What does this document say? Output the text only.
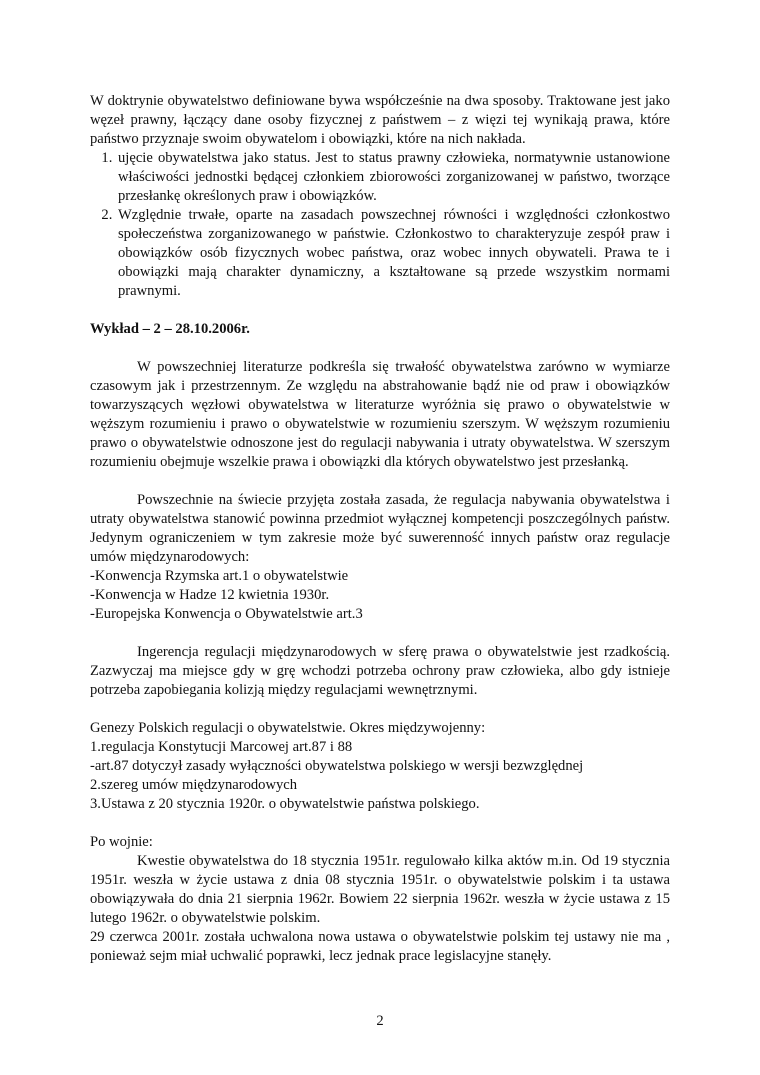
W doktrynie obywatelstwo definiowane bywa współcześnie na dwa sposoby. Traktowane jest jako węzeł prawny, łączący dane osoby fizycznej z państwem – z więzi tej wynikają prawa, które państwo przyznaje swoim obywatelom i obowiązki, które na nich nakłada.

1. ujęcie obywatelstwa jako status. Jest to status prawny człowieka, normatywnie ustanowione właściwości jednostki będącej członkiem zbiorowości zorganizowanej w państwo, tworzące przesłankę określonych praw i obowiązków.
2. Względnie trwałe, oparte na zasadach powszechnej równości i względności członkostwo społeczeństwa zorganizowanego w państwie. Członkostwo to charakteryzuje zespół praw i obowiązków osób fizycznych wobec państwa, oraz wobec innych obywateli. Prawa te i obowiązki mają charakter dynamiczny, a kształtowane są przede wszystkim normami prawnymi.

Wykład – 2 – 28.10.2006r.

W powszechniej literaturze podkreśla się trwałość obywatelstwa zarówno w wymiarze czasowym jak i przestrzennym. Ze względu na abstrahowanie bądź nie od praw i obowiązków towarzyszących węzłowi obywatelstwa w literaturze wyróżnia się prawo o obywatelstwie w węższym rozumieniu i prawo o obywatelstwie w rozumieniu szerszym. W węższym rozumieniu prawo o obywatelstwie odnoszone jest do regulacji nabywania i utraty obywatelstwa. W szerszym rozumieniu obejmuje wszelkie prawa i obowiązki dla których obywatelstwo jest przesłanką.

Powszechnie na świecie przyjęta została zasada, że regulacja nabywania obywatelstwa i utraty obywatelstwa stanowić powinna przedmiot wyłącznej kompetencji poszczególnych państw. Jedynym ograniczeniem w tym zakresie może być suwerenność innych państw oraz regulacje umów międzynarodowych:

-Konwencja Rzymska art.1 o obywatelstwie
-Konwencja w Hadze 12 kwietnia 1930r.
-Europejska Konwencja o Obywatelstwie art.3

Ingerencja regulacji międzynarodowych w sferę prawa o obywatelstwie jest rzadkością. Zazwyczaj ma miejsce gdy w grę wchodzi potrzeba ochrony praw człowieka, albo gdy istnieje potrzeba zapobiegania kolizją między regulacjami wewnętrznymi.

Genezy Polskich regulacji o obywatelstwie. Okres międzywojenny:

1.regulacja Konstytucji Marcowej art.87 i 88
-art.87 dotyczył zasady wyłączności obywatelstwa polskiego w wersji bezwzględnej
2.szereg umów międzynarodowych
3.Ustawa z 20 stycznia 1920r. o obywatelstwie państwa polskiego.

Po wojnie:

Kwestie obywatelstwa do 18 stycznia 1951r. regulowało kilka aktów m.in. Od 19 stycznia 1951r. weszła w życie ustawa z dnia 08 stycznia 1951r. o obywatelstwie polskim i ta ustawa obowiązywała do dnia 21 sierpnia 1962r. Bowiem 22 sierpnia 1962r. weszła w życie ustawa z 15 lutego 1962r. o obywatelstwie polskim.

29 czerwca 2001r. została uchwalona nowa ustawa o obywatelstwie polskim tej ustawy nie ma , ponieważ sejm miał uchwalić poprawki, lecz jednak prace legislacyjne stanęły.

2
